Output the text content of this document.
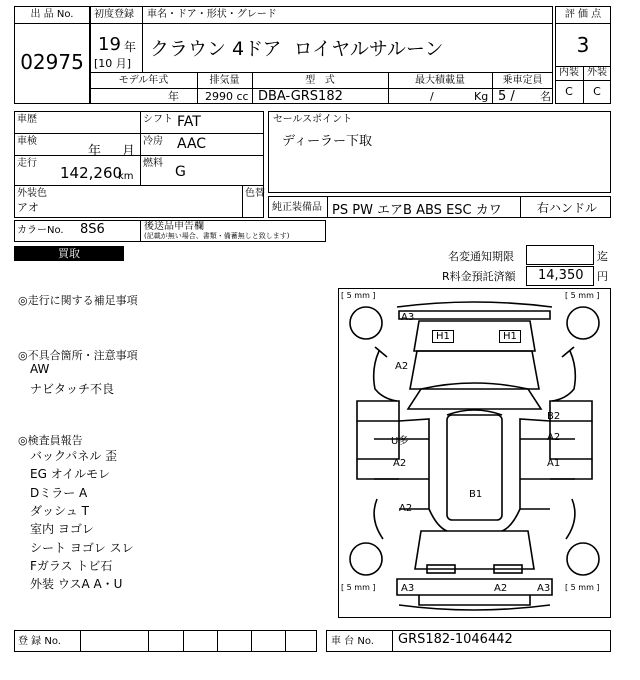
出 品 No.
02975
初度登録 車名・ドア・形状・グレード
19 年
[10 月]
クラウン 4ドア  ロイヤルサルーン
モデル年式	排気量	型   式	最大積載量	乗車定員
年 2990 cc DBA-GRS182	/	Kg 5 / 名
評 価 点
3
内装 外装
C	C
車歴	シフト FAT
車検
年 月
冷房 AAC
走行
142,260
km
燃料
G
外装色
アオ
色替
セールスポイント
ディーラー下取
純正装備品 PS PW エアB ABS ESC カワ	右ハンドル
カラーNo. 8S6	後送品申告欄
(記載が無い場合、書類・備蓄無しと致します)
買取	名変通知期限	迄
R料金預託済額 14,350 円
◎走行に関する補足事項
◎不具合箇所・注意事項
AW
ナビタッチ不良
◎検査員報告
バックパネル 歪
EG オイルモレ
Dミラー A
ダッシュ T
室内 ヨゴレ
シート ヨゴレ スレ
Fガラス トビ石
外装 ウスA A・U
[ 5 mm ]	[ 5 mm ]
[ 5 mm ]	[ 5 mm ]
A3
H1	H1
A2
U多
A2
A2
B2
A2
A1
B1
A3	A2	A3
登 録 No.	車 台 No. GRS182-1046442
